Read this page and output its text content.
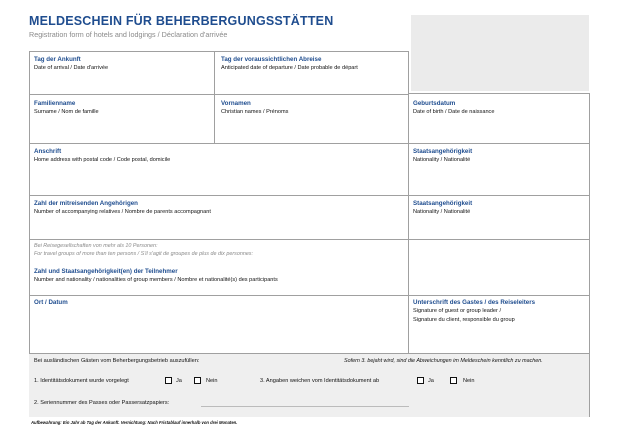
MELDESCHEIN FÜR BEHERBERGUNGSSTÄTTEN
Registration form of hotels and lodgings / Déclaration d'arrivée
Tag der Ankunft
Date of arrival / Date d'arrivée
Tag der voraussichtlichen Abreise
Anticipated date of departure / Date probable de départ
Familienname
Surname / Nom de famille
Vornamen
Christian names / Prénoms
Geburtsdatum
Date of birth / Date de naissance
Anschrift
Home address with postal code / Code postal, domicile
Staatsangehörigkeit
Nationality / Nationalité
Zahl der mitreisenden Angehörigen
Number of accompanying relatives / Nombre de parents accompagnant
Staatsangehörigkeit
Nationality / Nationalité
Bei Reisegesellschaften von mehr als 10 Personen:
For travel groups of more than ten persons / S'il s'agit de groupes de plus de dix personnes:
Zahl und Staatsangehörigkeit(en) der Teilnehmer
Number and nationality / nationalities of group members / Nombre et nationalité(s) des participants
Ort / Datum	Unterschrift des Gastes / des Reiseleiters
Signature of guest or group leader /
Signature du client, responsible du group
Bei ausländischen Gästen vom Beherbergungsbetrieb auszufüllen:	Sofern 3. bejaht wird, sind die Abweichungen im Meldeschein kenntlich zu machen.
1. Identitätsdokument wurde vorgelegt	Ja	Nein	3. Angaben weichen vom Identitätsdokument ab	Ja	Nein
2. Seriennummer des Passes oder Passersatzpapiers:
Aufbewahrung: Ein Jahr ab Tag der Ankunft. Vernichtung: Nach Fristablauf innerhalb von drei Monaten.
